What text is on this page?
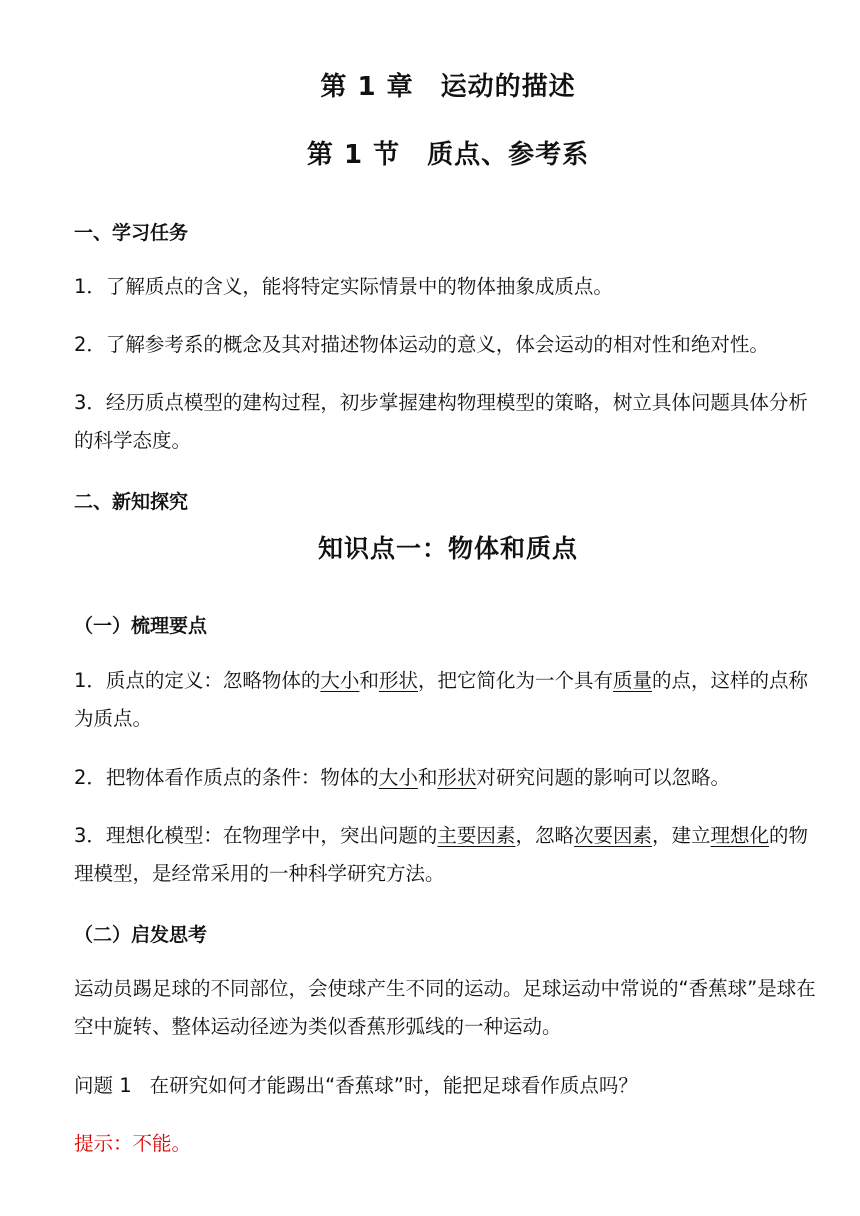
第 1 章　运动的描述
第 1 节　质点、参考系
一、学习任务
1．了解质点的含义，能将特定实际情景中的物体抽象成质点。
2．了解参考系的概念及其对描述物体运动的意义，体会运动的相对性和绝对性。
3．经历质点模型的建构过程，初步掌握建构物理模型的策略，树立具体问题具体分析的科学态度。
二、新知探究
知识点一：物体和质点
（一）梳理要点
1．质点的定义：忽略物体的大小和形状，把它简化为一个具有质量的点，这样的点称为质点。
2．把物体看作质点的条件：物体的大小和形状对研究问题的影响可以忽略。
3．理想化模型：在物理学中，突出问题的主要因素，忽略次要因素，建立理想化的物理模型，是经常采用的一种科学研究方法。
（二）启发思考
运动员踢足球的不同部位，会使球产生不同的运动。足球运动中常说的“香蕉球”是球在空中旋转、整体运动径迹为类似香蕉形弧线的一种运动。
问题 1 在研究如何才能踢出“香蕉球”时，能把足球看作质点吗？
提示：不能。
